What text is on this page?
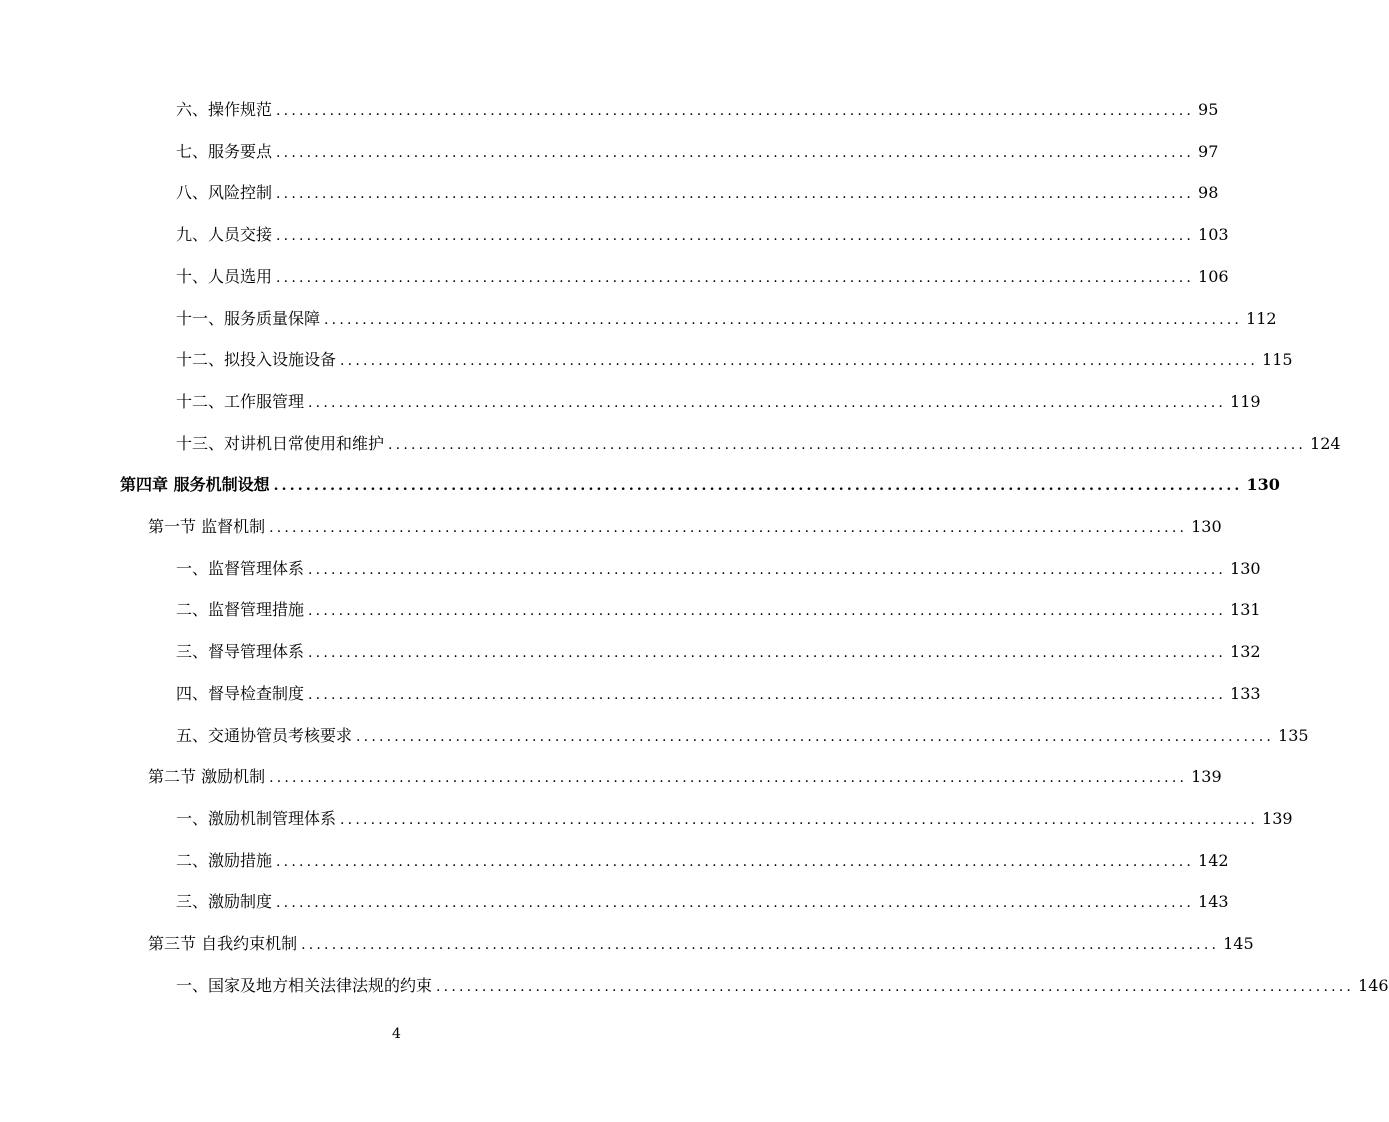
六、操作规范 ........................................................................................................................ 95
七、服务要点 ........................................................................................................................ 97
八、风险控制 ........................................................................................................................ 98
九、人员交接 ........................................................................................................................ 103
十、人员选用 ........................................................................................................................ 106
十一、服务质量保障 ........................................................................................................................ 112
十二、拟投入设施设备 ........................................................................................................................ 115
十二、工作服管理 ........................................................................................................................ 119
十三、对讲机日常使用和维护 ........................................................................................................................ 124
第四章 服务机制设想 ........................................................................................................................ 130
第一节 监督机制 ........................................................................................................................ 130
一、监督管理体系 ........................................................................................................................ 130
二、监督管理措施 ........................................................................................................................ 131
三、督导管理体系 ........................................................................................................................ 132
四、督导检查制度 ........................................................................................................................ 133
五、交通协管员考核要求 ........................................................................................................................ 135
第二节 激励机制 ........................................................................................................................ 139
一、激励机制管理体系 ........................................................................................................................ 139
二、激励措施 ........................................................................................................................ 142
三、激励制度 ........................................................................................................................ 143
第三节 自我约束机制 ........................................................................................................................ 145
一、国家及地方相关法律法规的约束 ........................................................................................................................ 146
4
